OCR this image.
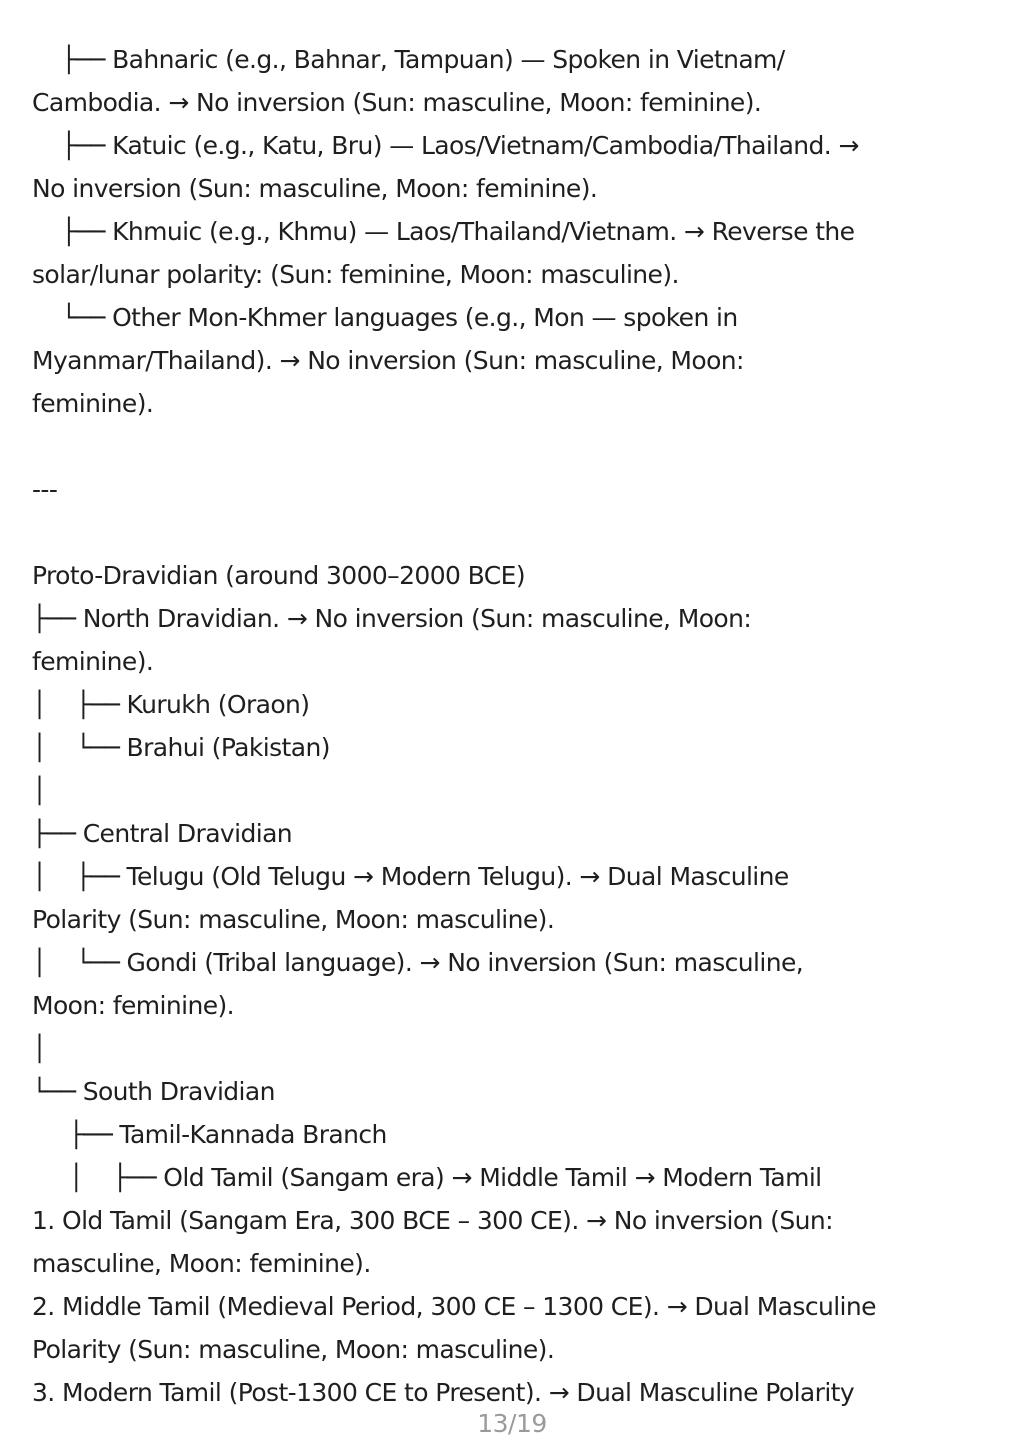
├── Bahnaric (e.g., Bahnar, Tampuan) — Spoken in Vietnam/
Cambodia. → No inversion (Sun: masculine, Moon: feminine).
├── Katuic (e.g., Katu, Bru) — Laos/Vietnam/Cambodia/Thailand. →
No inversion (Sun: masculine, Moon: feminine).
├── Khmuic (e.g., Khmu) — Laos/Thailand/Vietnam. → Reverse the
solar/lunar polarity: (Sun: feminine, Moon: masculine).
└── Other Mon-Khmer languages (e.g., Mon — spoken in
Myanmar/Thailand). → No inversion (Sun: masculine, Moon:
feminine).
---
Proto-Dravidian (around 3000–2000 BCE)
├── North Dravidian. → No inversion (Sun: masculine, Moon:
feminine).
│    ├── Kurukh (Oraon)
│    └── Brahui (Pakistan)
│
├── Central Dravidian
│    ├── Telugu (Old Telugu → Modern Telugu). → Dual Masculine
Polarity (Sun: masculine, Moon: masculine).
│    └── Gondi (Tribal language). → No inversion (Sun: masculine,
Moon: feminine).
│
└── South Dravidian
├── Tamil-Kannada Branch
│    ├── Old Tamil (Sangam era) → Middle Tamil → Modern Tamil
1. Old Tamil (Sangam Era, 300 BCE – 300 CE). → No inversion (Sun:
masculine, Moon: feminine).
2. Middle Tamil (Medieval Period, 300 CE – 1300 CE). → Dual Masculine
Polarity (Sun: masculine, Moon: masculine).
3. Modern Tamil (Post-1300 CE to Present). → Dual Masculine Polarity
13/19
